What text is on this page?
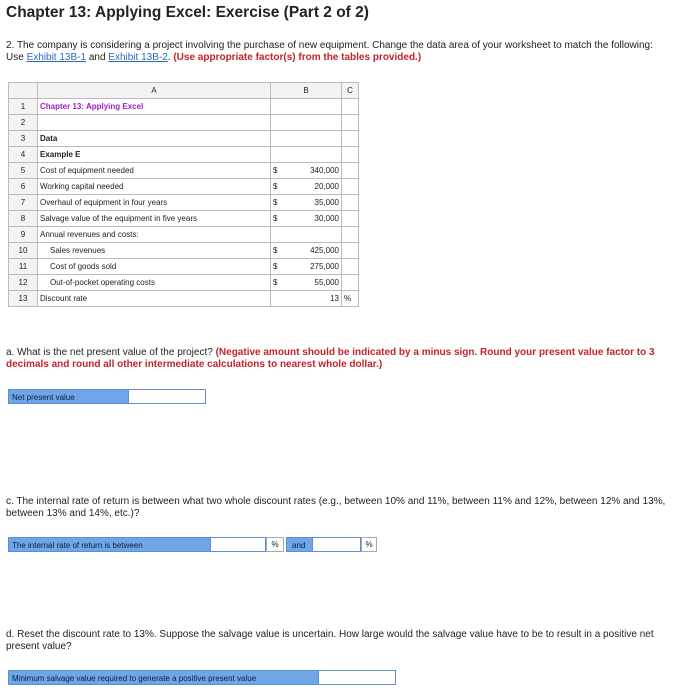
Chapter 13: Applying Excel: Exercise (Part 2 of 2)
2. The company is considering a project involving the purchase of new equipment. Change the data area of your worksheet to match the following: Use Exhibit 13B-1 and Exhibit 13B-2. (Use appropriate factor(s) from the tables provided.)
	A	B	C
1	Chapter 13: Applying Excel	

2		

3	Data	

4	Example E	

5	Cost of equipment needed	$ 340,000	

6	Working capital needed	$ 20,000	

7	Overhaul of equipment in four years	$ 35,000	

8	Salvage value of the equipment in five years	$ 30,000	

9	Annual revenues and costs:	

10	Sales revenues	$ 425,000	

11	Cost of goods sold	$ 275,000	

12	Out-of-pocket operating costs	$ 55,000	

13	Discount rate	13	%
a. What is the net present value of the project? (Negative amount should be indicated by a minus sign. Round your present value factor to 3 decimals and round all other intermediate calculations to nearest whole dollar.)
Net present value
c. The internal rate of return is between what two whole discount rates (e.g., between 10% and 11%, between 11% and 12%, between 12% and 13%, between 13% and 14%, etc.)?
The internal rate of return is between	%	and	%
d. Reset the discount rate to 13%. Suppose the salvage value is uncertain. How large would the salvage value have to be to result in a positive net present value?
Minimum salvage value required to generate a positive present value
